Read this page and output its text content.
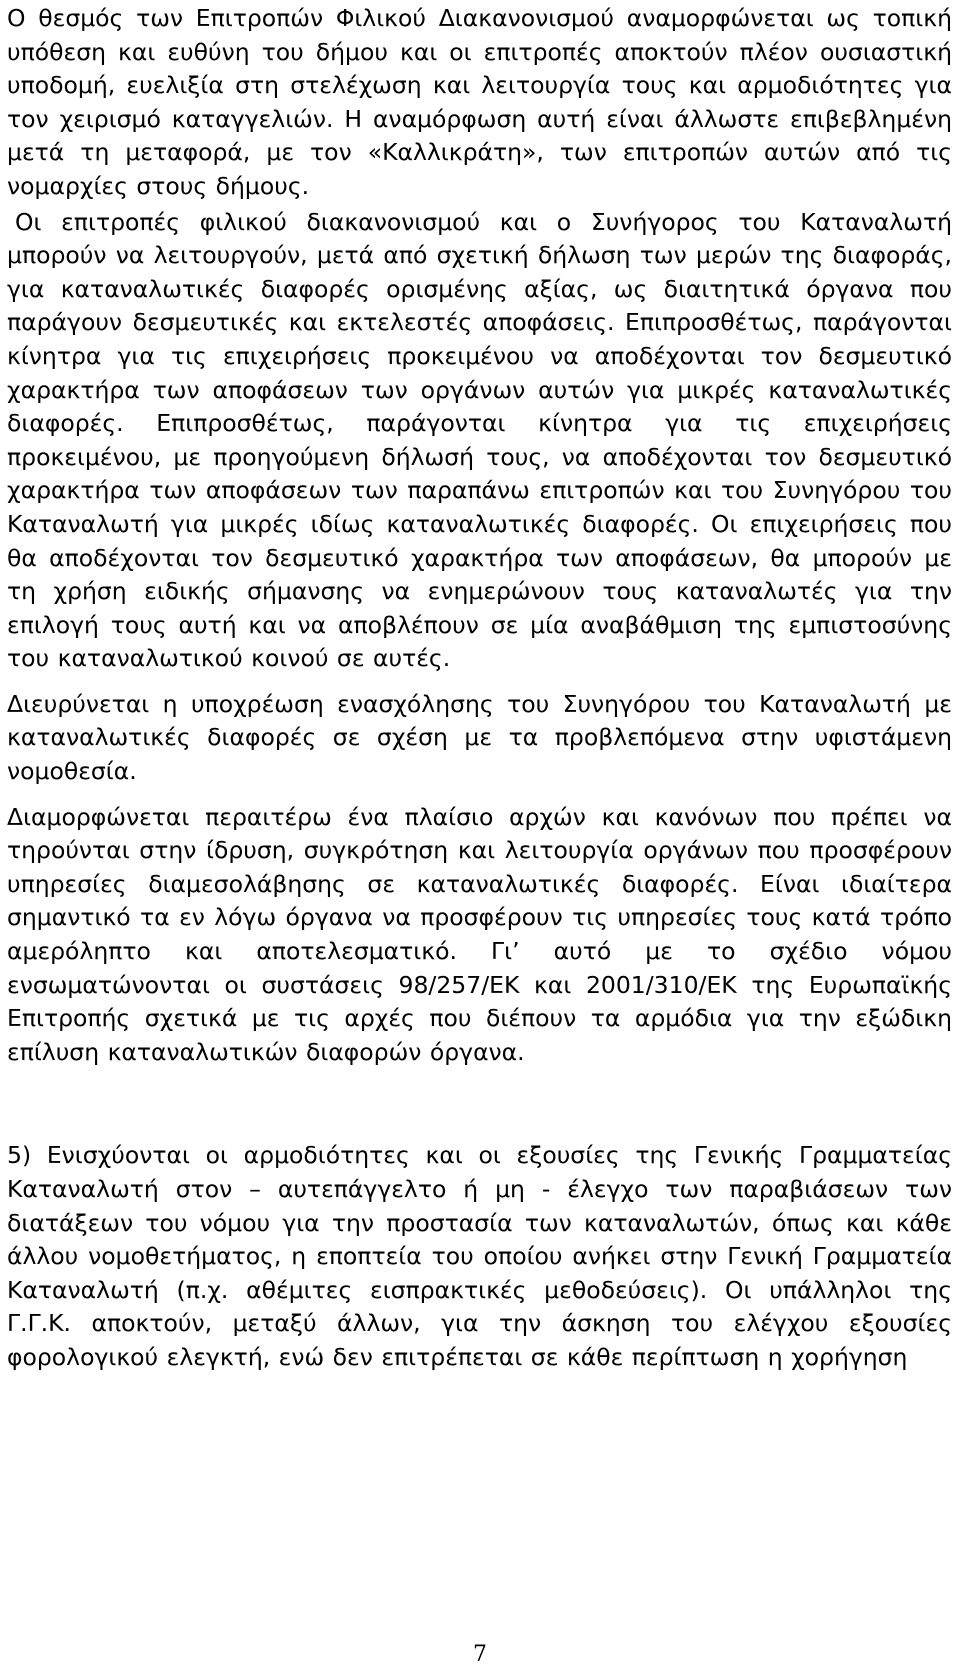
Ο θεσμός των Επιτροπών Φιλικού Διακανονισμού αναμορφώνεται ως τοπική υπόθεση και ευθύνη του δήμου και οι επιτροπές αποκτούν πλέον ουσιαστική υποδομή, ευελιξία στη στελέχωση και λειτουργία τους και αρμοδιότητες για τον χειρισμό καταγγελιών. Η αναμόρφωση αυτή είναι άλλωστε επιβεβλημένη μετά τη μεταφορά, με τον «Καλλικράτη», των επιτροπών αυτών από τις νομαρχίες στους δήμους.

Οι επιτροπές φιλικού διακανονισμού και ο Συνήγορος του Καταναλωτή μπορούν να λειτουργούν, μετά από σχετική δήλωση των μερών της διαφοράς, για καταναλωτικές διαφορές ορισμένης αξίας, ως διαιτητικά όργανα που παράγουν δεσμευτικές και εκτελεστές αποφάσεις. Επιπροσθέτως, παράγονται κίνητρα για τις επιχειρήσεις προκειμένου να αποδέχονται τον δεσμευτικό χαρακτήρα των αποφάσεων των οργάνων αυτών για μικρές καταναλωτικές διαφορές. Επιπροσθέτως, παράγονται κίνητρα για τις επιχειρήσεις προκειμένου, με προηγούμενη δήλωσή τους, να αποδέχονται τον δεσμευτικό χαρακτήρα των αποφάσεων των παραπάνω επιτροπών και του Συνηγόρου του Καταναλωτή για μικρές ιδίως καταναλωτικές διαφορές. Οι επιχειρήσεις που θα αποδέχονται τον δεσμευτικό χαρακτήρα των αποφάσεων, θα μπορούν με τη χρήση ειδικής σήμανσης να ενημερώνουν τους καταναλωτές για την επιλογή τους αυτή και να αποβλέπουν σε μία αναβάθμιση της εμπιστοσύνης του καταναλωτικού κοινού σε αυτές.

Διευρύνεται η υποχρέωση ενασχόλησης του Συνηγόρου του Καταναλωτή με καταναλωτικές διαφορές σε σχέση με τα προβλεπόμενα στην υφιστάμενη νομοθεσία.

Διαμορφώνεται περαιτέρω ένα πλαίσιο αρχών και κανόνων που πρέπει να τηρούνται στην ίδρυση, συγκρότηση και λειτουργία οργάνων που προσφέρουν υπηρεσίες διαμεσολάβησης σε καταναλωτικές διαφορές. Είναι ιδιαίτερα σημαντικό τα εν λόγω όργανα να προσφέρουν τις υπηρεσίες τους κατά τρόπο αμερόληπτο και αποτελεσματικό. Γι’ αυτό με το σχέδιο νόμου ενσωματώνονται οι συστάσεις 98/257/ΕΚ και 2001/310/ΕΚ της Ευρωπαϊκής Επιτροπής σχετικά με τις αρχές που διέπουν τα αρμόδια για την εξώδικη επίλυση καταναλωτικών διαφορών όργανα.

5) Ενισχύονται οι αρμοδιότητες και οι εξουσίες της Γενικής Γραμματείας Καταναλωτή στον – αυτεπάγγελτο ή μη - έλεγχο των παραβιάσεων των διατάξεων του νόμου για την προστασία των καταναλωτών, όπως και κάθε άλλου νομοθετήματος, η εποπτεία του οποίου ανήκει στην Γενική Γραμματεία Καταναλωτή (π.χ. αθέμιτες εισπρακτικές μεθοδεύσεις). Οι υπάλληλοι της Γ.Γ.Κ. αποκτούν, μεταξύ άλλων, για την άσκηση του ελέγχου εξουσίες φορολογικού ελεγκτή, ενώ δεν επιτρέπεται σε κάθε περίπτωση η χορήγηση

7
